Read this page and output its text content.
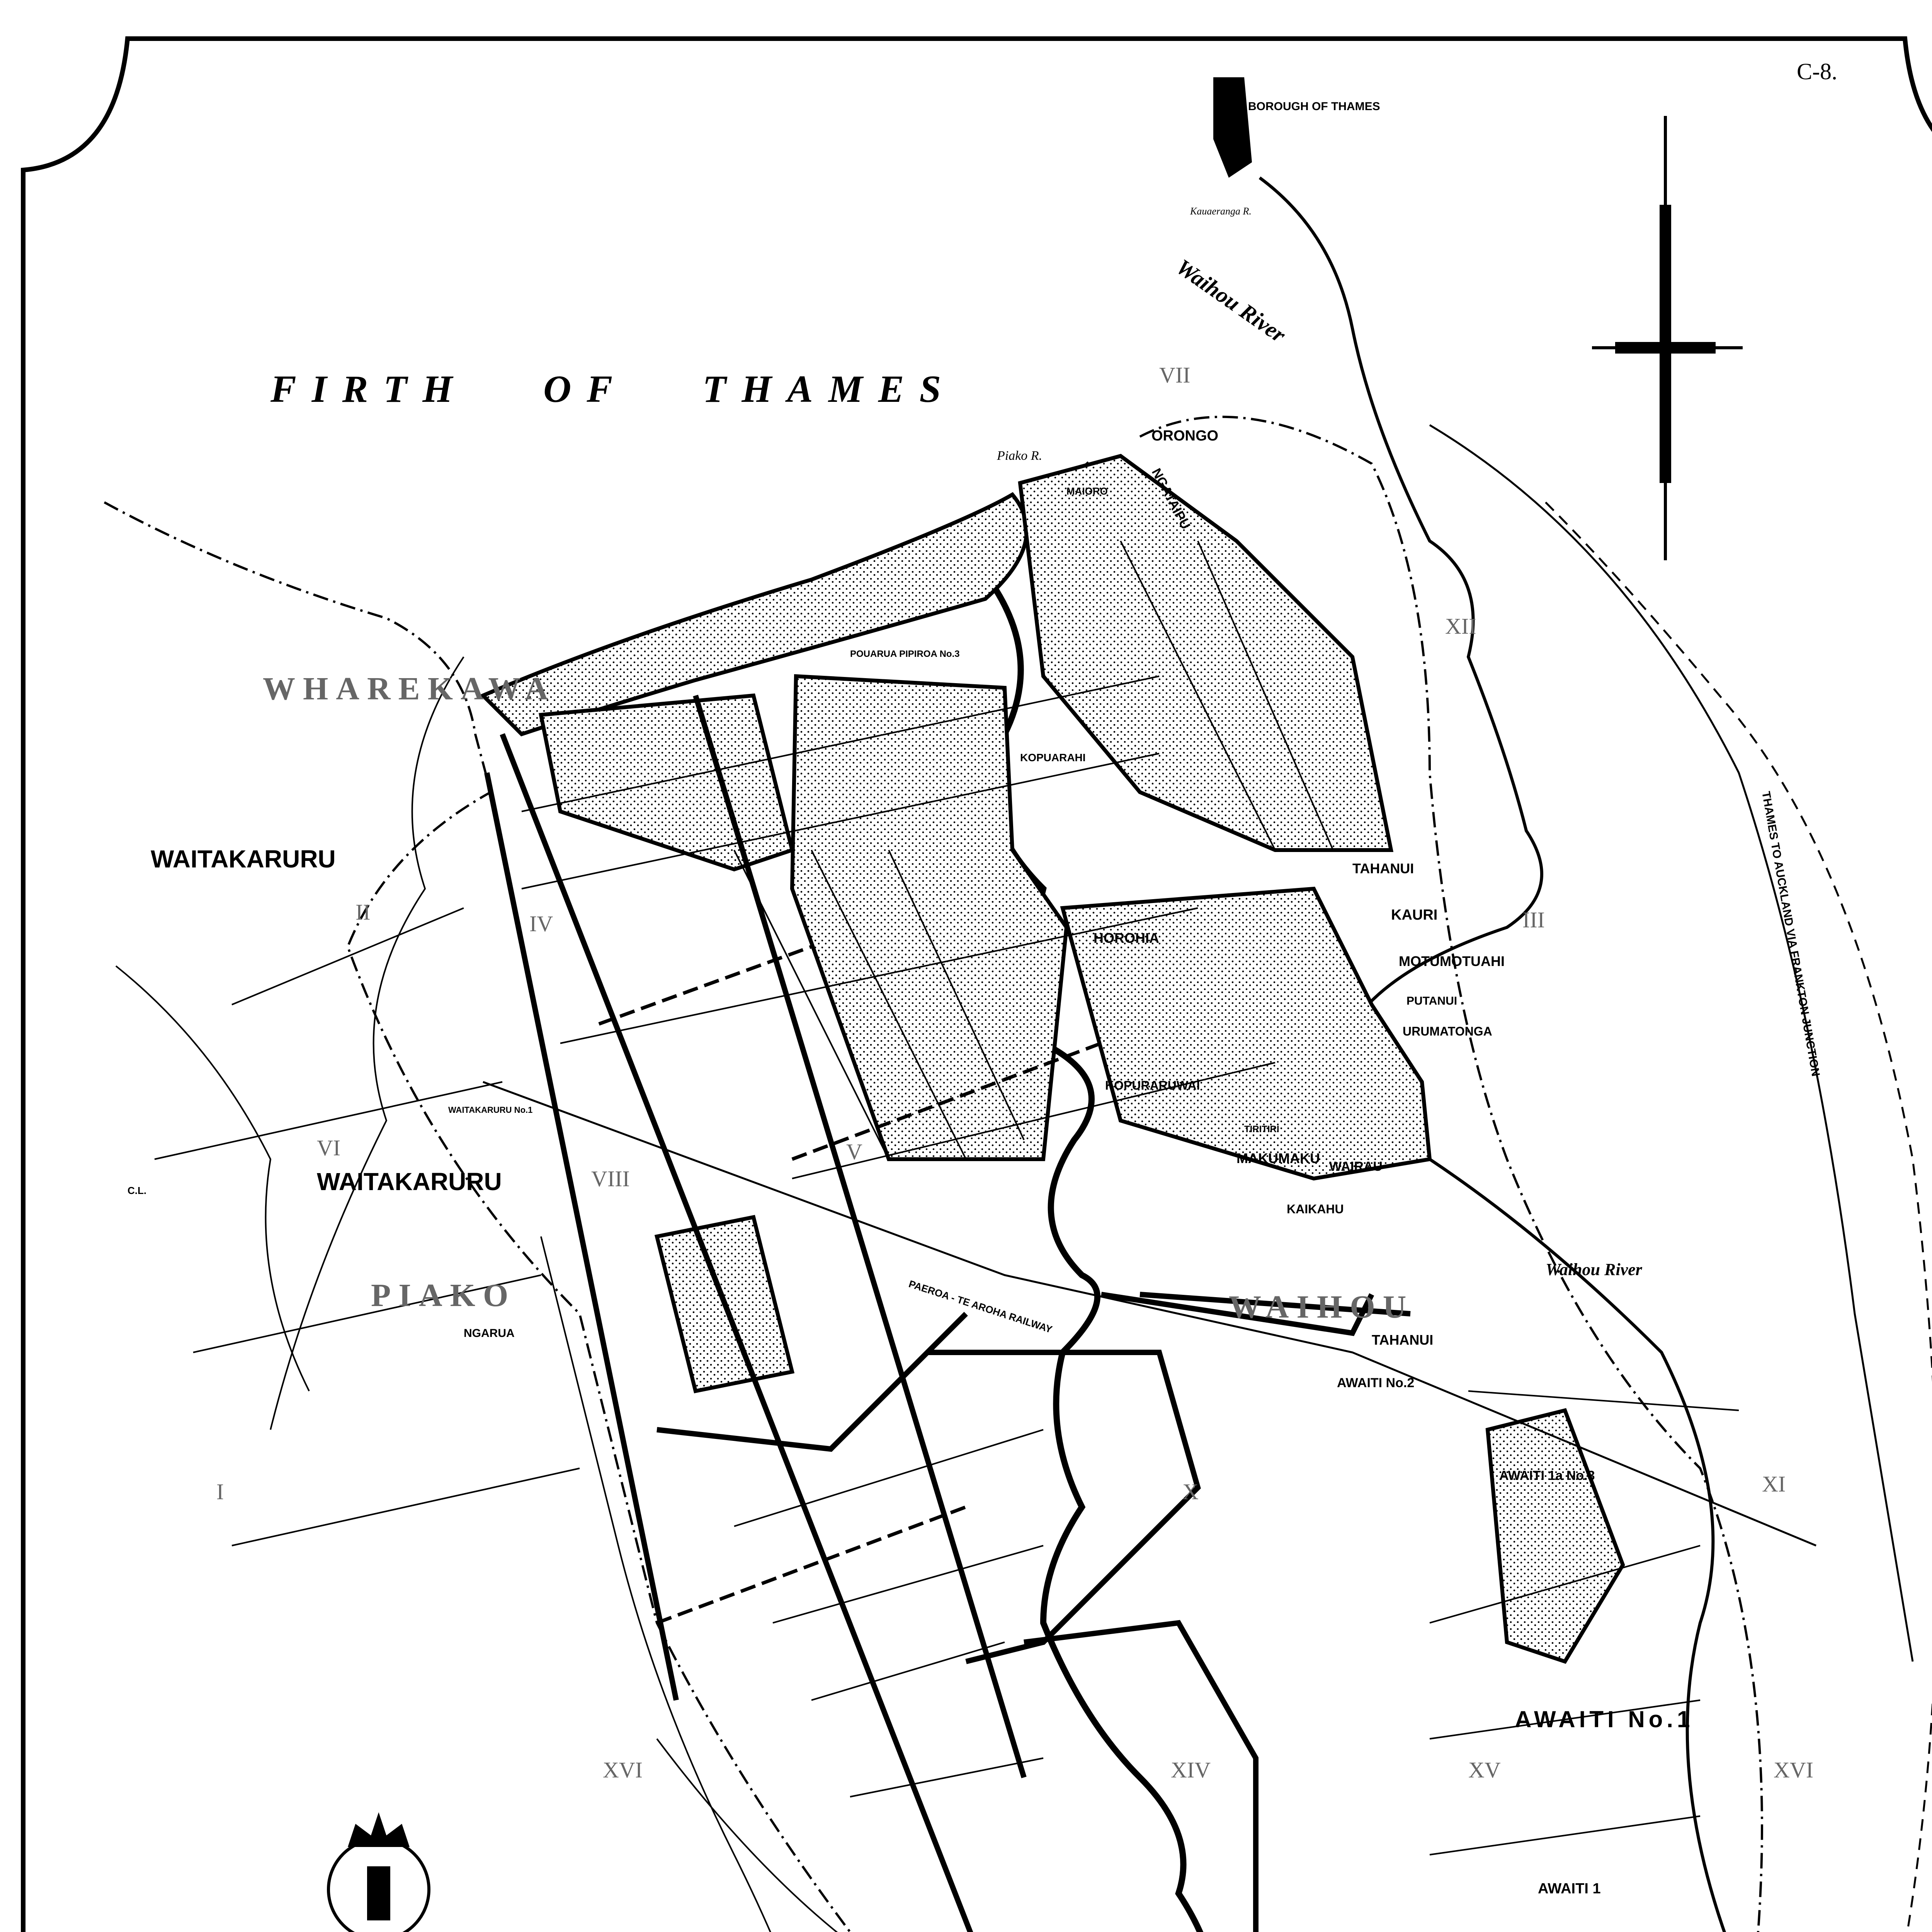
C-8.
FIRTH   OF   THAMES
BOROUGH OF THAMES
Waihou River
Waihou River
Kauaeranga R.
Piako R.
PAEROA - TE AROHA RAILWAY
THAMES TO AUCKLAND VIA FRANKTON JUNCTION
WHAREKAWA
WAITAKARURU
WAITAKARURU
PIAKO	WAIHOU
ORONGO
NGATAIPU
KOPUARAHI
TAHANUI
TAHANUI
KAURI
MOTUMOTUAHI
PUTANUI
URUMATONGA
HOROHIA
KOPURARUWAI
TIRITIRI
MAKUMAKU
WAIRAU
KAIKAHU
AWAITI No.2
AWAITI 1a No.3
AWAITI No.1
AWAITI 1
POUARUA PIPIROA No.3
MAIORO
NGARUA
WAITAKARURU No.1
C.L.
VII
XII
II	III
IV
VIII
V
VI
X	XI
XIV	XV	XVI
I
XVI
